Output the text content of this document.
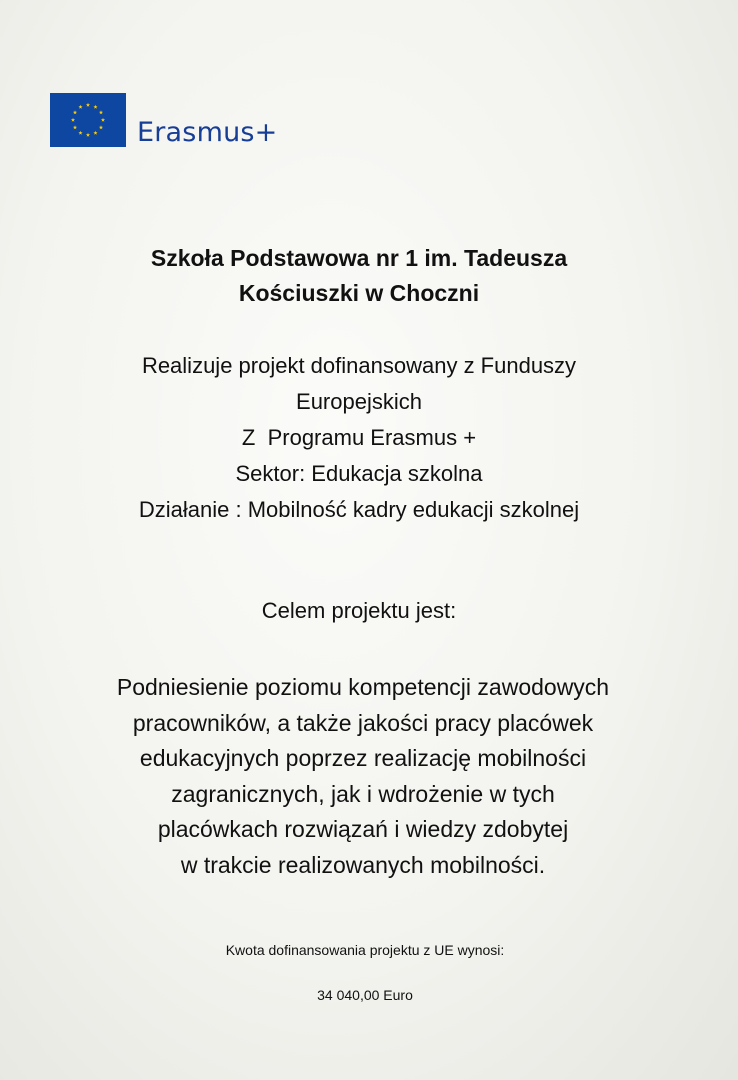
Erasmus+
Szkoła Podstawowa nr 1 im. Tadeusza
Kościuszki w Choczni
Realizuje projekt dofinansowany z Funduszy
Europejskich
Z  Programu Erasmus +
Sektor: Edukacja szkolna
Działanie : Mobilność kadry edukacji szkolnej
Celem projektu jest:
Podniesienie poziomu kompetencji zawodowych
pracowników, a także jakości pracy placówek
edukacyjnych poprzez realizację mobilności
zagranicznych, jak i wdrożenie w tych
placówkach rozwiązań i wiedzy zdobytej
w trakcie realizowanych mobilności.
Kwota dofinansowania projektu z UE wynosi:
34 040,00 Euro
